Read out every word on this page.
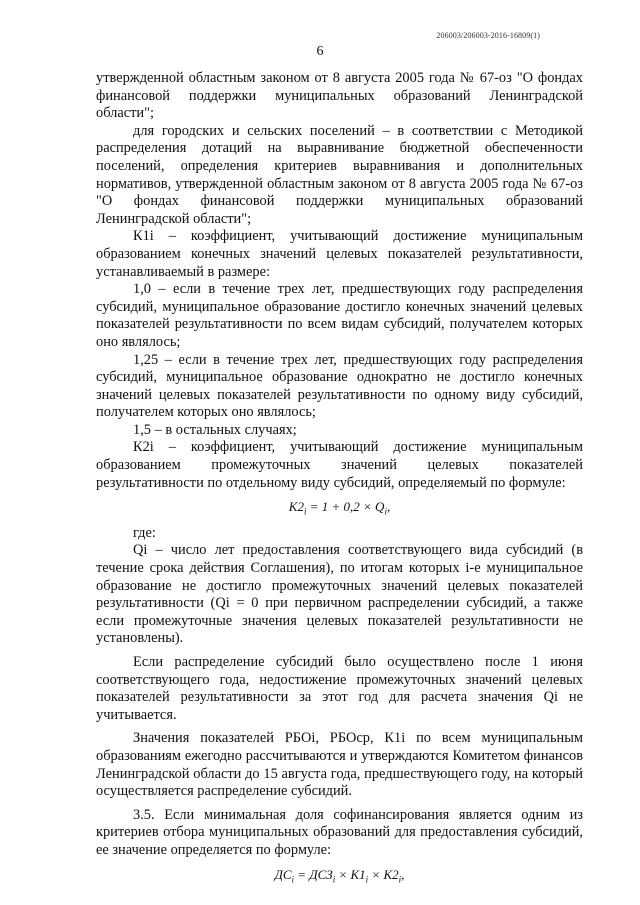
206003/206003-2016-16809(1)
6

утвержденной областным законом от 8 августа 2005 года № 67-оз "О фондах финансовой поддержки муниципальных образований Ленинградской области";

для городских и сельских поселений – в соответствии с Методикой распределения дотаций на выравнивание бюджетной обеспеченности поселений, определения критериев выравнивания и дополнительных нормативов, утвержденной областным законом от 8 августа 2005 года № 67-оз "О фондах финансовой поддержки муниципальных образований Ленинградской области";

К1i – коэффициент, учитывающий достижение муниципальным образованием конечных значений целевых показателей результативности, устанавливаемый в размере:

1,0 – если в течение трех лет, предшествующих году распределения субсидий, муниципальное образование достигло конечных значений целевых показателей результативности по всем видам субсидий, получателем которых оно являлось;

1,25 – если в течение трех лет, предшествующих году распределения субсидий, муниципальное образование однократно не достигло конечных значений целевых показателей результативности по одному виду субсидий, получателем которых оно являлось;

1,5 – в остальных случаях;

К2i – коэффициент, учитывающий достижение муниципальным образованием промежуточных значений целевых показателей результативности по отдельному виду субсидий, определяемый по формуле:

$K2_i = 1 + 0,2 \times Q_i$,

где:

Qi – число лет предоставления соответствующего вида субсидий (в течение срока действия Соглашения), по итогам которых i-е муниципальное образование не достигло промежуточных значений целевых показателей результативности (Qi = 0 при первичном распределении субсидий, а также если промежуточные значения целевых показателей результативности не установлены).

Если распределение субсидий было осуществлено после 1 июня соответствующего года, недостижение промежуточных значений целевых показателей результативности за этот год для расчета значения Qi не учитывается.

Значения показателей РБОi, РБОср, К1i по всем муниципальным образованиям ежегодно рассчитываются и утверждаются Комитетом финансов Ленинградской области до 15 августа года, предшествующего году, на который осуществляется распределение субсидий.

3.5. Если минимальная доля софинансирования является одним из критериев отбора муниципальных образований для предоставления субсидий, ее значение определяется по формуле:

$ДС_i = ДСЗ_i \times K1_i \times K2_i$,
